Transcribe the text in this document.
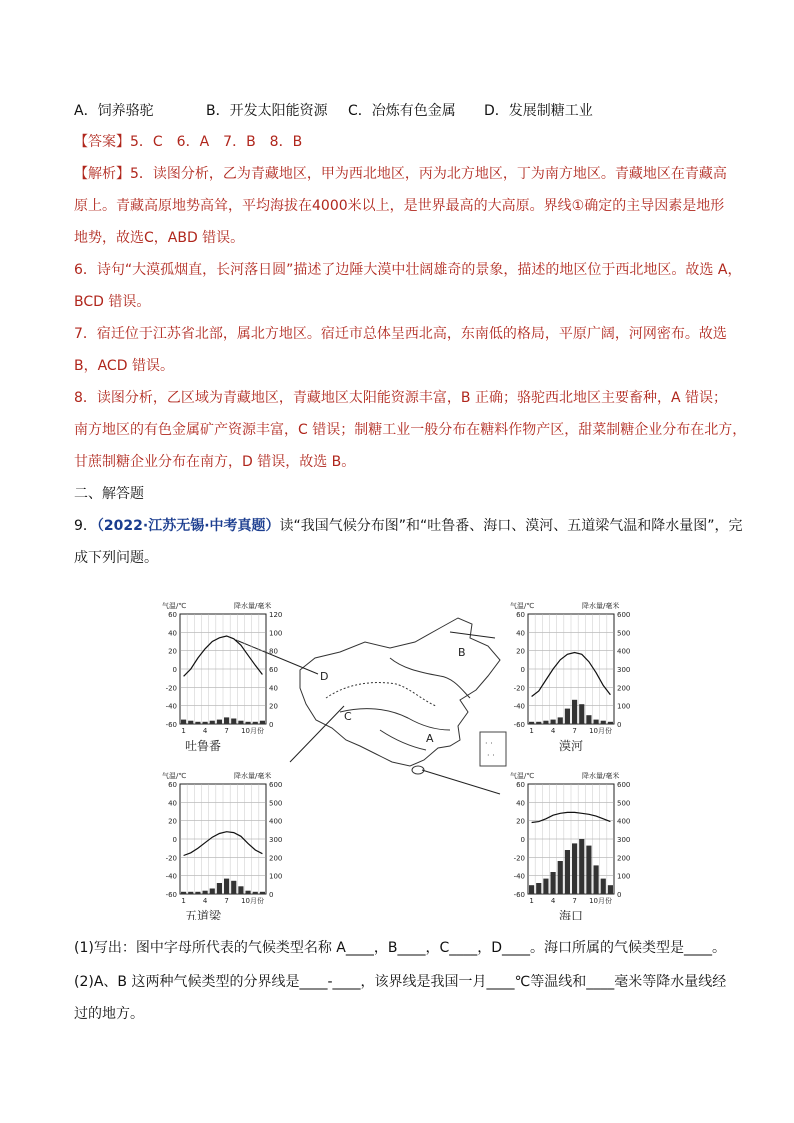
A．饲养骆驼	B．开发太阳能资源 C．冶炼有色金属 D．发展制糖工业
【答案】5．C　6．A　7．B　8．B
【解析】5．读图分析，乙为青藏地区，甲为西北地区，丙为北方地区，丁为南方地区。青藏地区在青藏高
原上。青藏高原地势高耸，平均海拔在4000米以上，是世界最高的大高原。界线①确定的主导因素是地形
地势，故选C，ABD 错误。
6．诗句“大漠孤烟直，长河落日圆”描述了边陲大漠中壮阔雄奇的景象，描述的地区位于西北地区。故选 A，
BCD 错误。
7．宿迁位于江苏省北部，属北方地区。宿迁市总体呈西北高，东南低的格局，平原广阔，河网密布。故选
B，ACD 错误。
8．读图分析，乙区域为青藏地区，青藏地区太阳能资源丰富，B 正确；骆驼西北地区主要畜种，A 错误；
南方地区的有色金属矿产资源丰富，C 错误；制糖工业一般分布在糖料作物产区，甜菜制糖企业分布在北方，
甘蔗制糖企业分布在南方，D 错误，故选 B。
二、解答题
9．（2022·江苏无锡·中考真题）读“我国气候分布图”和“吐鲁番、海口、漠河、五道梁气温和降水量图”，完
成下列问题。
· ·
· ·
A
B
C
D
气温/℃	降水量/毫米
60	120
40	100
20	80
0	60
-20	40
-40	20
-60	0
1 4 7 10月份
吐鲁番
气温/℃	降水量/毫米
60	600
40	500
20	400
0	300
-20	200
-40	100
-60	0
1 4 7 10月份
漠河
气温/℃	降水量/毫米
60	600
40	500
20	400
0	300
-20	200
-40	100
-60	0
1 4 7 10月份
五道梁
气温/℃	降水量/毫米
60	600
40	500
20	400
0	300
-20	200
-40	100
-60	0
1 4 7 10月份
海口
(1)写出：图中字母所代表的气候类型名称 A____，B____，C____，D____。海口所属的气候类型是____。
(2)A、B 这两种气候类型的分界线是____-____，该界线是我国一月____℃等温线和____毫米等降水量线经
过的地方。
